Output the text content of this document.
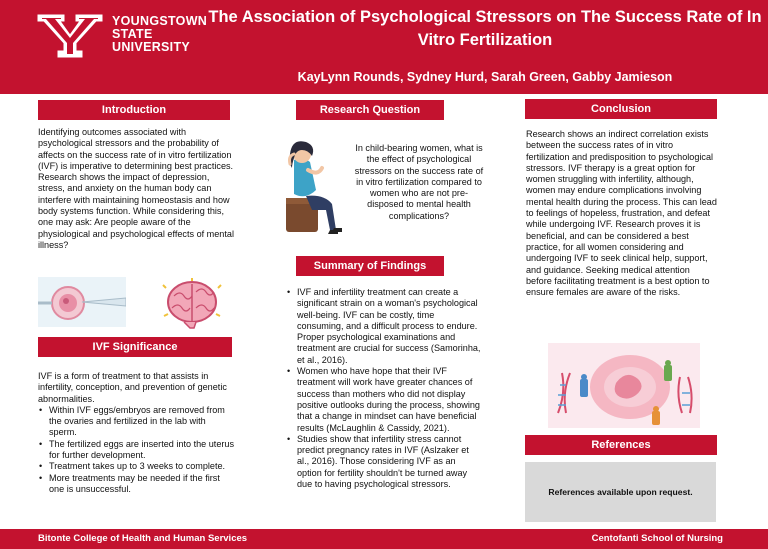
YOUNGSTOWN
STATE
UNIVERSITY
The Association of Psychological Stressors on The Success Rate of In
Vitro Fertilization
KayLynn Rounds, Sydney Hurd, Sarah Green, Gabby Jamieson
Introduction
Identifying outcomes associated with psychological stressors and the probability of affects on the success rate of in vitro fertilization (IVF) is imperative to determining best practices. Research shows the impact of depression, stress, and anxiety on the human body can interfere with maintaining homeostasis and how body systems function. While considering this, one may ask: Are people aware of the physiological and psychological effects of mental illness?
IVF Significance
IVF is a form of treatment to that assists in infertility, conception, and prevention of genetic abnormalities.
• Within IVF eggs/embryos are removed from the ovaries and fertilized in the lab with sperm.
• The fertilized eggs are inserted into the uterus for further development.
• Treatment takes up to 3 weeks to complete.
• More treatments may be needed if the first one is unsuccessful.
Research Question
In child-bearing women, what is the effect of psychological stressors on the success rate of in vitro fertilization compared to women who are not pre-disposed to mental health complications?
Summary of Findings
• IVF and infertility treatment can create a significant strain on a woman's psychological well-being. IVF can be costly, time consuming, and a difficult process to endure. Proper psychological examinations and treatment are crucial for success (Samorinha, et al., 2016).
• Women who have hope that their IVF treatment will work have greater chances of success than mothers who did not display positive outlooks during the process, showing that a change in mindset can have beneficial results (McLaughlin & Cassidy, 2021).
• Studies show that infertility stress cannot predict pregnancy rates in IVF (Aslzaker et al., 2016). Those considering IVF as an option for fertility shouldn't be turned away due to having psychological stressors.
Conclusion
Research shows an indirect correlation exists between the success rates of in vitro fertilization and predisposition to psychological stressors. IVF therapy is a great option for women struggling with infertility, although, women may endure complications involving mental health during the process. This can lead to feelings of hopeless, frustration, and defeat while undergoing IVF. Research proves it is beneficial, and can be considered a best practice, for all women considering and undergoing IVF to seek clinical help, support, and guidance. Seeking medical attention before facilitating treatment is a best option to ensure females are aware of the risks.
References
References available upon request.
Bitonte College of Health and Human Services	Centofanti School of Nursing
